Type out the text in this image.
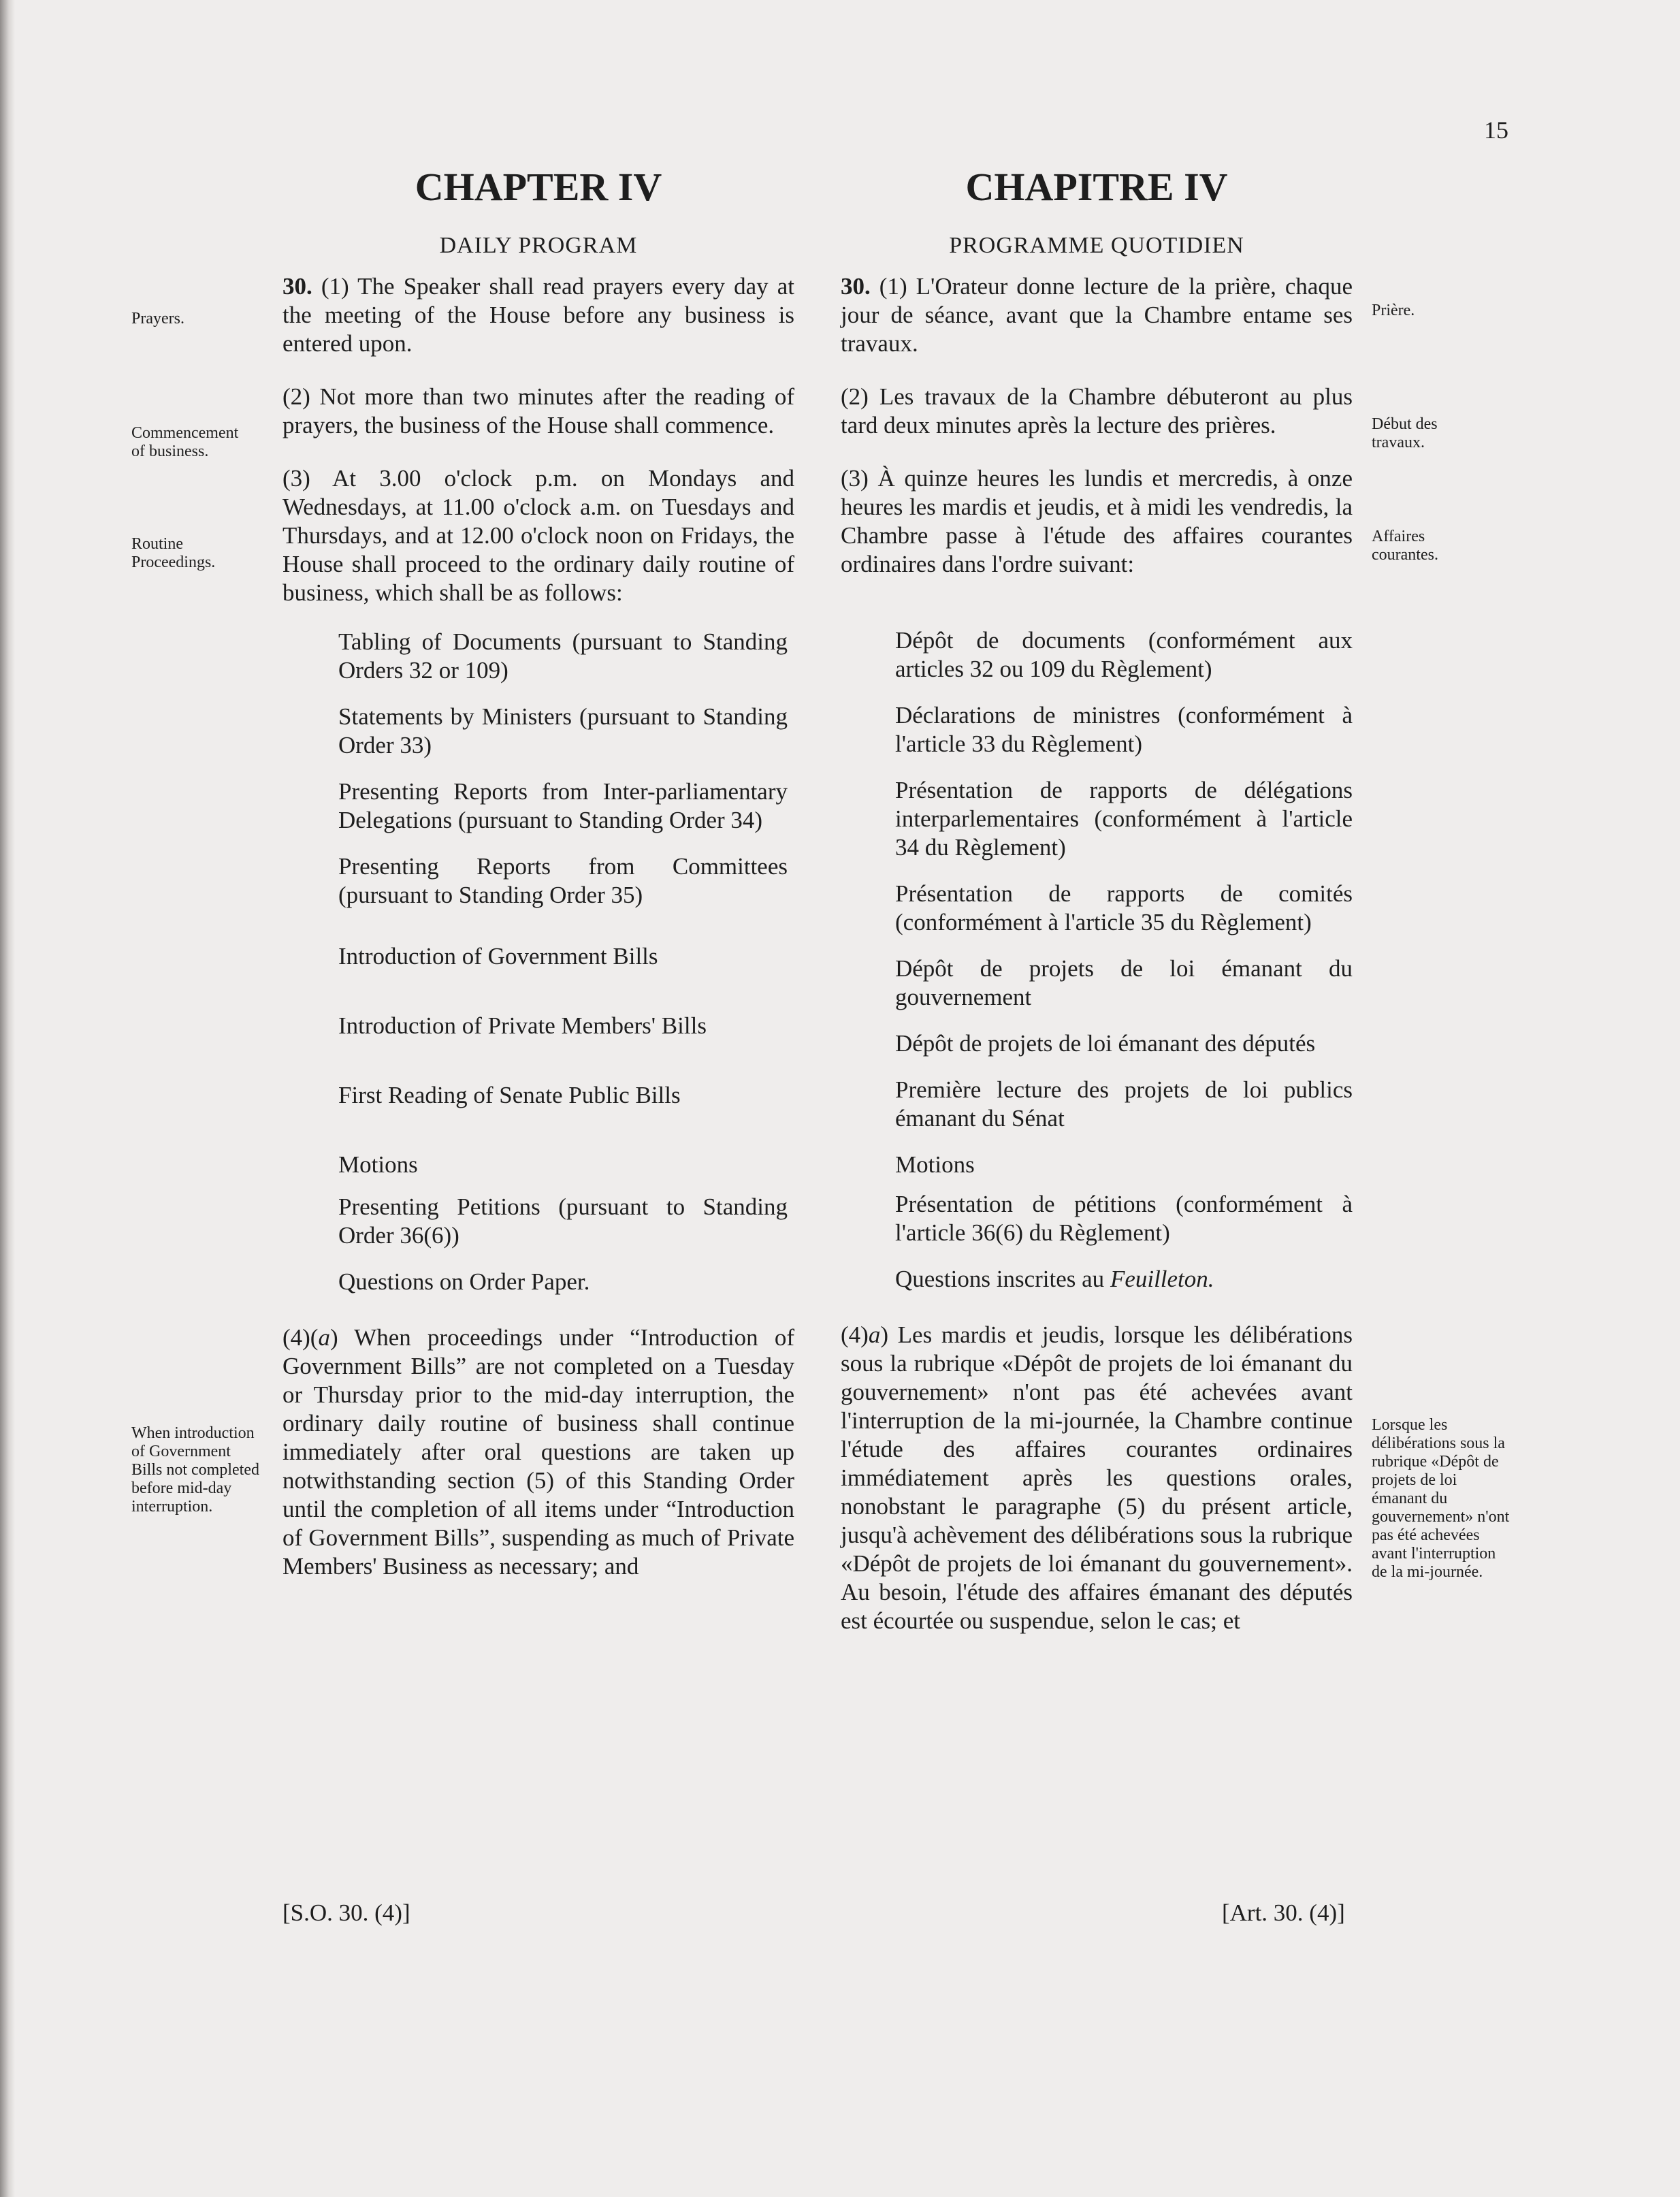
15
Prayers.
Commencement of business.
Routine Proceedings.
When introduction of Government Bills not completed before mid-day interruption.
Prière.
Début des travaux.
Affaires courantes.
Lorsque les délibérations sous la rubrique «Dépôt de projets de loi émanant du gouvernement» n'ont pas été achevées avant l'interruption de la mi-journée.
CHAPTER IV
DAILY PROGRAM

30. (1) The Speaker shall read prayers every day at the meeting of the House before any business is entered upon.

(2) Not more than two minutes after the reading of prayers, the business of the House shall commence.

(3) At 3.00 o'clock p.m. on Mondays and Wednesdays, at 11.00 o'clock a.m. on Tuesdays and Thursdays, and at 12.00 o'clock noon on Fridays, the House shall proceed to the ordinary daily routine of business, which shall be as follows:

Tabling of Documents (pursuant to Standing Orders 32 or 109)
Statements by Ministers (pursuant to Standing Order 33)
Presenting Reports from Inter-parliamentary Delegations (pursuant to Standing Order 34)
Presenting Reports from Committees (pursuant to Standing Order 35)
Introduction of Government Bills
Introduction of Private Members' Bills
First Reading of Senate Public Bills
Motions
Presenting Petitions (pursuant to Standing Order 36(6))
Questions on Order Paper.

(4)(a) When proceedings under “Introduction of Government Bills” are not completed on a Tuesday or Thursday prior to the mid-day interruption, the ordinary daily routine of business shall continue immediately after oral questions are taken up notwithstanding section (5) of this Standing Order until the completion of all items under “Introduction of Government Bills”, suspending as much of Private Members' Business as necessary; and

CHAPITRE IV
PROGRAMME QUOTIDIEN

30. (1) L'Orateur donne lecture de la prière, chaque jour de séance, avant que la Chambre entame ses travaux.

(2) Les travaux de la Chambre débuteront au plus tard deux minutes après la lecture des prières.

(3) À quinze heures les lundis et mercredis, à onze heures les mardis et jeudis, et à midi les vendredis, la Chambre passe à l'étude des affaires courantes ordinaires dans l'ordre suivant:

Dépôt de documents (conformément aux articles 32 ou 109 du Règlement)
Déclarations de ministres (conformément à l'article 33 du Règlement)
Présentation de rapports de délégations interparlementaires (conformément à l'article 34 du Règlement)
Présentation de rapports de comités (conformément à l'article 35 du Règlement)
Dépôt de projets de loi émanant du gouvernement
Dépôt de projets de loi émanant des députés
Première lecture des projets de loi publics émanant du Sénat
Motions
Présentation de pétitions (conformément à l'article 36(6) du Règlement)
Questions inscrites au Feuilleton.

(4)a) Les mardis et jeudis, lorsque les délibérations sous la rubrique «Dépôt de projets de loi émanant du gouvernement» n'ont pas été achevées avant l'interruption de la mi-journée, la Chambre continue l'étude des affaires courantes ordinaires immédiatement après les questions orales, nonobstant le paragraphe (5) du présent article, jusqu'à achèvement des délibérations sous la rubrique «Dépôt de projets de loi émanant du gouvernement». Au besoin, l'étude des affaires émanant des députés est écourtée ou suspendue, selon le cas; et

[S.O. 30. (4)]	[Art. 30. (4)]
